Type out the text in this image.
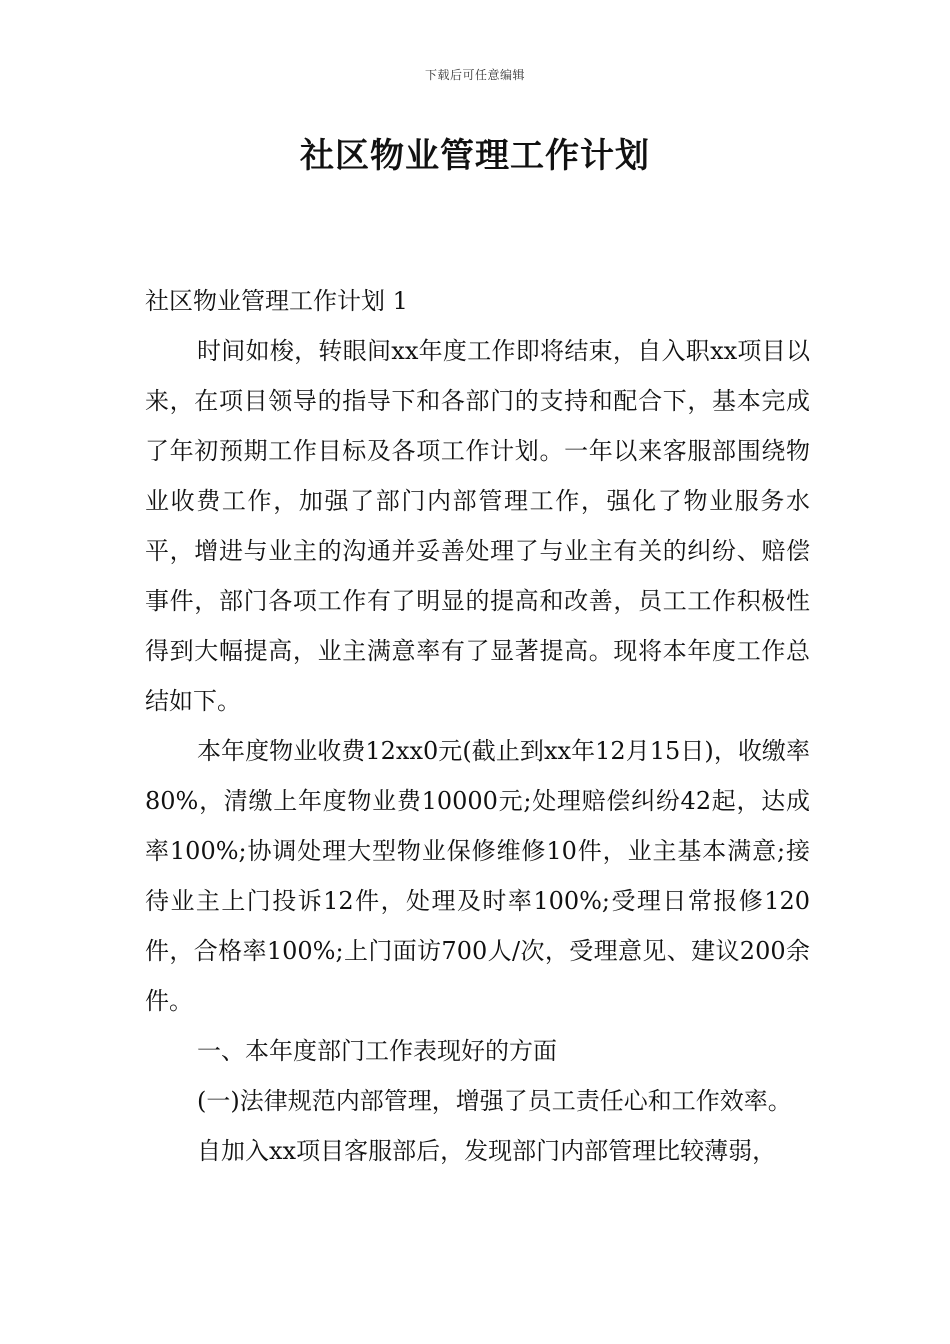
下载后可任意编辑
社区物业管理工作计划

社区物业管理工作计划 1

时间如梭，转眼间xx年度工作即将结束，自入职xx项目以来，在项目领导的指导下和各部门的支持和配合下，基本完成了年初预期工作目标及各项工作计划。一年以来客服部围绕物业收费工作，加强了部门内部管理工作，强化了物业服务水平，增进与业主的沟通并妥善处理了与业主有关的纠纷、赔偿事件，部门各项工作有了明显的提高和改善，员工工作积极性得到大幅提高，业主满意率有了显著提高。现将本年度工作总结如下。

本年度物业收费12xx0元(截止到xx年12月15日)，收缴率80%，清缴上年度物业费10000元;处理赔偿纠纷42起，达成率100%;协调处理大型物业保修维修10件，业主基本满意;接待业主上门投诉12件，处理及时率100%;受理日常报修120件，合格率100%;上门面访700人/次，受理意见、建议200余件。

一、本年度部门工作表现好的方面

(一)法律规范内部管理，增强了员工责任心和工作效率。

自加入xx项目客服部后，发现部门内部管理比较薄弱，
